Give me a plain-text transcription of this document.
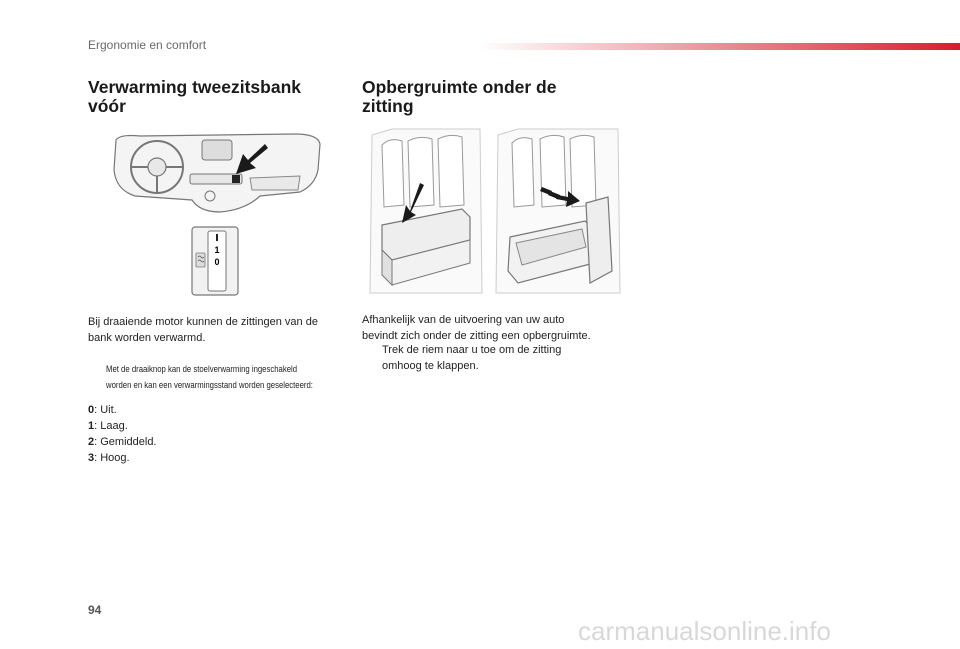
Ergonomie en comfort
Verwarming tweezitsbank
vóór
1
0
Bij draaiende motor kunnen de zittingen van de
bank worden verwarmd.
Met de draaiknop kan de stoelverwarming ingeschakeld
worden en kan een verwarmingsstand worden geselecteerd:
0: Uit.
1: Laag.
2: Gemiddeld.
3: Hoog.
Opbergruimte onder de
zitting
Afhankelijk van de uitvoering van uw auto
bevindt zich onder de zitting een opbergruimte.
Trek de riem naar u toe om de zitting
omhoog te klappen.
94
carmanualsonline.info
